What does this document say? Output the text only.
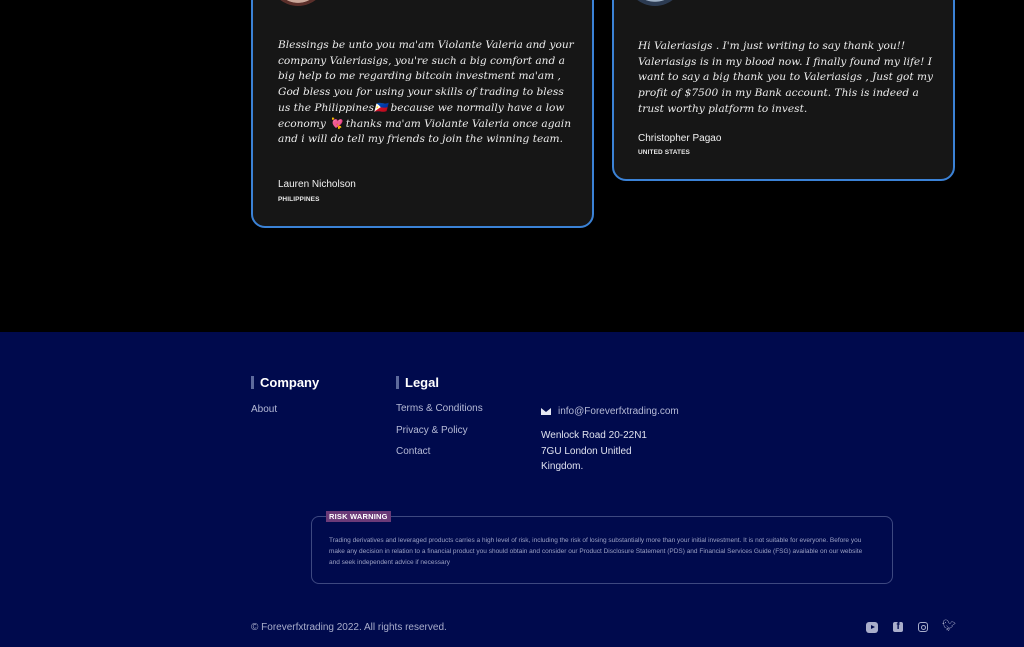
Blessings be unto you ma'am Violante Valeria and your company Valeriasigs, you're such a big comfort and a big help to me regarding bitcoin investment ma'am , God bless you for using your skills of trading to bless us the Philippines🇵🇭 because we normally have a low economy 💘 thanks ma'am Violante Valeria once again and i will do tell my friends to join the winning team.

Lauren Nicholson
PHILIPPINES

Hi Valeriasigs . I'm just writing to say thank you!! Valeriasigs is in my blood now. I finally found my life! I want to say a big thank you to Valeriasigs , Just got my profit of $7500 in my Bank account. This is indeed a trust worthy platform to invest.

Christopher Pagao
UNITED STATES
Company
About
Legal
Terms & Conditions
Privacy & Policy
Contact
info@Foreverfxtrading.com

Wenlock Road 20-22N1 7GU London Unitled Kingdom.

RISK WARNING

Trading derivatives and leveraged products carries a high level of risk, including the risk of losing substantially more than your initial investment. It is not suitable for everyone. Before you make any decision in relation to a financial product you should obtain and consider our Product Disclosure Statement (PDS) and Financial Services Guide (FSG) available on our website and seek independent advice if necessary

© Foreverfxtrading 2022. All rights reserved.
f	🐦︎
